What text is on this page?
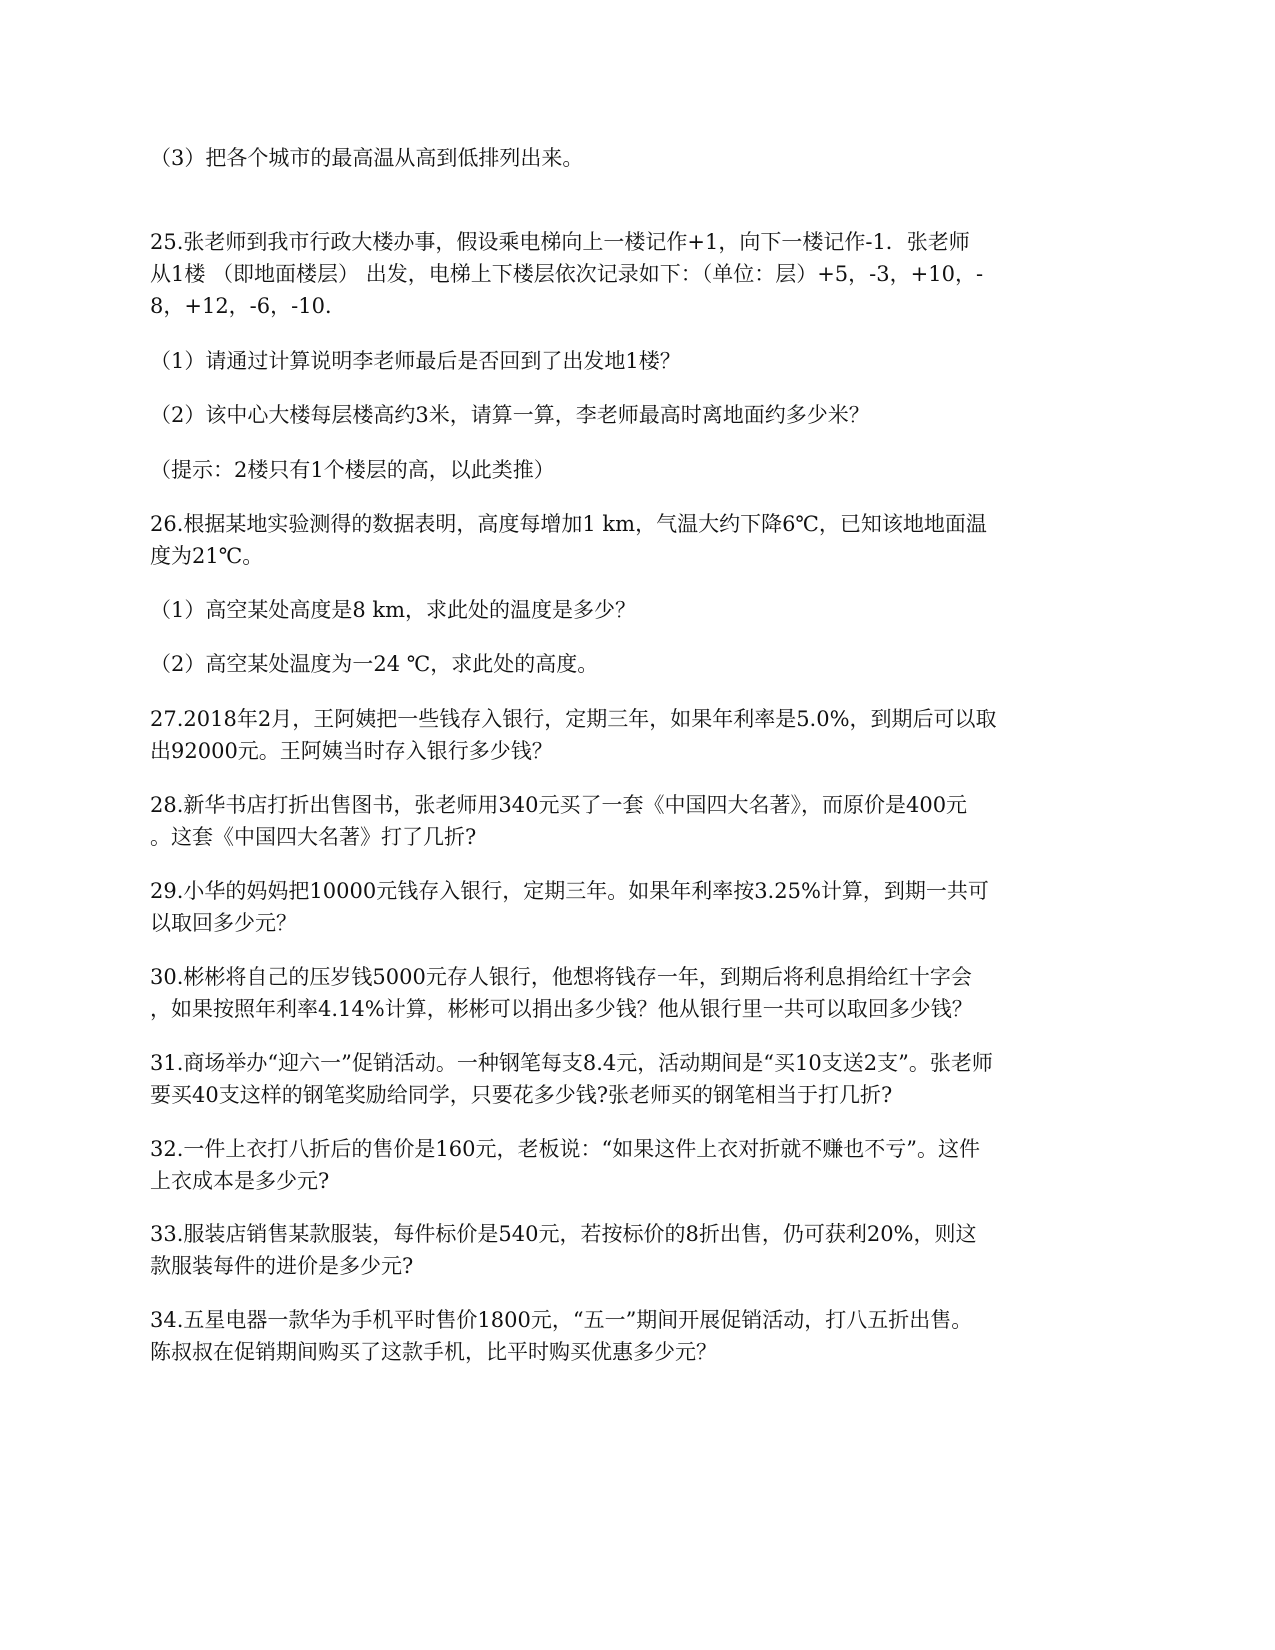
（3）把各个城市的最高温从高到低排列出来。
25.张老师到我市行政大楼办事，假设乘电梯向上一楼记作+1，向下一楼记作-1．张老师
从1楼 （即地面楼层） 出发，电梯上下楼层依次记录如下：（单位：层）+5，-3，+10，-
8，+12，-6，-10．
（1）请通过计算说明李老师最后是否回到了出发地1楼？
（2）该中心大楼每层楼高约3米，请算一算，李老师最高时离地面约多少米？
（提示：2楼只有1个楼层的高，以此类推）
26.根据某地实验测得的数据表明，高度每增加1 km，气温大约下降6℃，已知该地地面温
度为21℃。
（1）高空某处高度是8 km，求此处的温度是多少？
（2）高空某处温度为一24 ℃，求此处的高度。
27.2018年2月，王阿姨把一些钱存入银行，定期三年，如果年利率是5.0%，到期后可以取
出92000元。王阿姨当时存入银行多少钱？
28.新华书店打折出售图书，张老师用340元买了一套《中国四大名著》，而原价是400元
。这套《中国四大名著》打了几折?
29.小华的妈妈把10000元钱存入银行，定期三年。如果年利率按3.25%计算，到期一共可
以取回多少元？
30.彬彬将自己的压岁钱5000元存人银行，他想将钱存一年，到期后将利息捐给红十字会
，如果按照年利率4.14%计算，彬彬可以捐出多少钱？他从银行里一共可以取回多少钱？
31.商场举办“迎六一”促销活动。一种钢笔每支8.4元，活动期间是“买10支送2支”。张老师
要买40支这样的钢笔奖励给同学，只要花多少钱?张老师买的钢笔相当于打几折?
32.一件上衣打八折后的售价是160元，老板说：“如果这件上衣对折就不赚也不亏”。这件
上衣成本是多少元?
33.服装店销售某款服装，每件标价是540元，若按标价的8折出售，仍可获利20%，则这
款服装每件的进价是多少元?
34.五星电器一款华为手机平时售价1800元，“五一”期间开展促销活动，打八五折出售。
陈叔叔在促销期间购买了这款手机，比平时购买优惠多少元？
